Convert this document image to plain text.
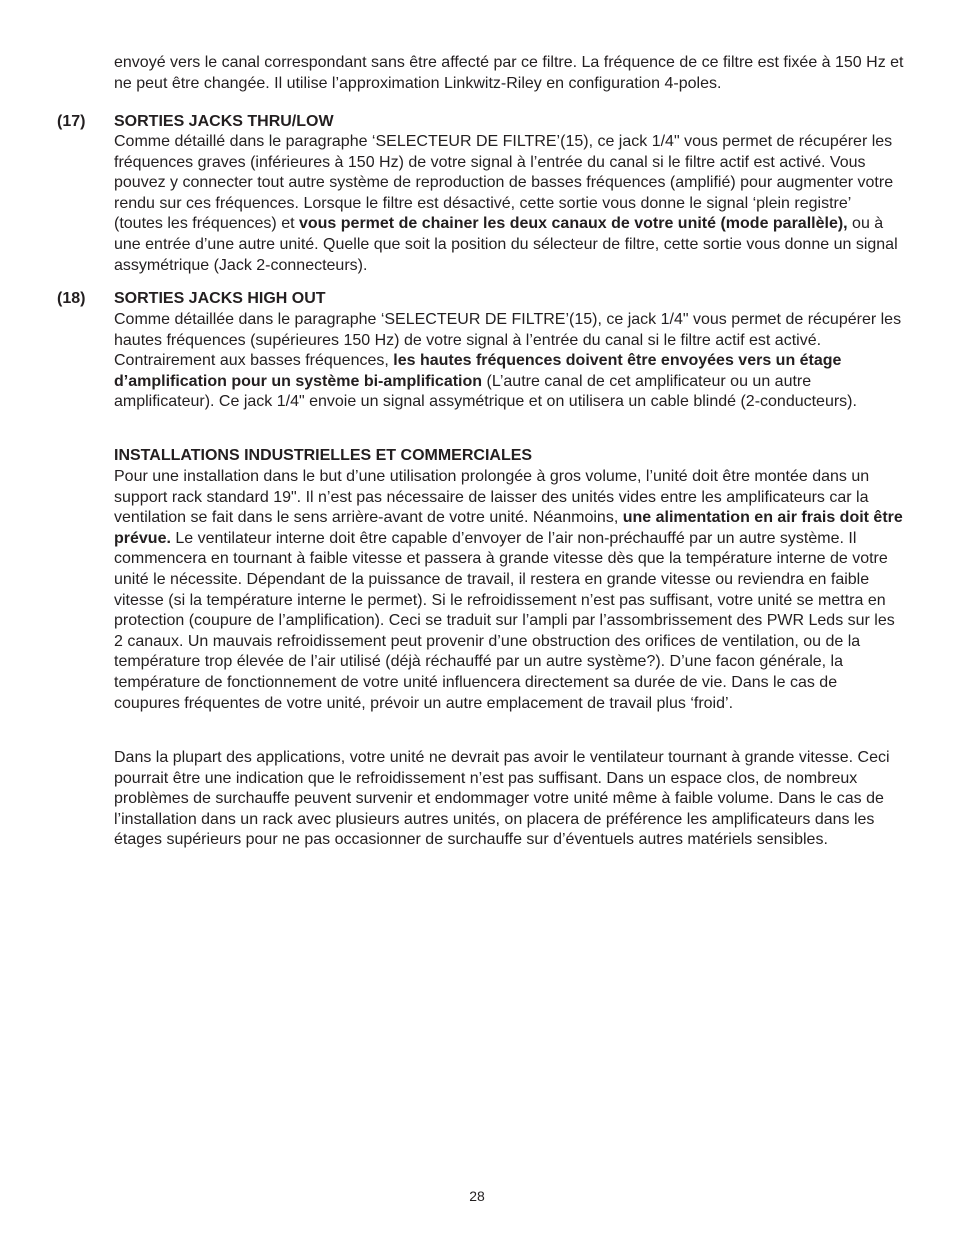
envoyé vers le canal correspondant sans être affecté par ce filtre. La fréquence de ce filtre est fixée à 150 Hz et ne peut être changée. Il utilise l’approximation Linkwitz-Riley en configuration 4-poles.

(17) SORTIES JACKS THRU/LOW

Comme détaillé dans le paragraphe ‘SELECTEUR DE FILTRE’(15), ce jack 1/4" vous permet de récupérer les fréquences graves (inférieures à 150 Hz) de votre signal à l’entrée du canal si le filtre actif est activé. Vous pouvez y connecter tout autre système de reproduction de basses fréquences (amplifié) pour augmenter votre rendu sur ces fréquences. Lorsque le filtre est désactivé, cette sortie vous donne le signal ‘plein registre’ (toutes les fréquences) et vous permet de chainer les deux canaux de votre unité (mode parallèle), ou à une entrée d’une autre unité. Quelle que soit la position du sélecteur de filtre, cette sortie vous donne un signal assymétrique (Jack 2-connecteurs).

(18) SORTIES JACKS HIGH OUT

Comme détaillée dans le paragraphe ‘SELECTEUR DE FILTRE’(15), ce jack 1/4" vous permet de récupérer les hautes fréquences (supérieures 150 Hz) de votre signal à l’entrée du canal si le filtre actif est activé. Contrairement aux basses fréquences, les hautes fréquences doivent être envoyées vers un étage d’amplification pour un système bi-amplification (L’autre canal de cet amplificateur ou un autre amplificateur). Ce jack 1/4" envoie un signal assymétrique et on utilisera un cable blindé (2-conducteurs).

INSTALLATIONS INDUSTRIELLES ET COMMERCIALES

Pour une installation dans le but d’une utilisation prolongée à gros volume, l’unité doit être montée dans un support rack standard 19". Il n’est pas nécessaire de laisser des unités vides entre les amplificateurs car la ventilation se fait dans le sens arrière-avant de votre unité. Néanmoins, une alimentation en air frais doit être prévue. Le ventilateur interne doit être capable d’envoyer de l’air non-préchauffé par un autre système. Il commencera en tournant à faible vitesse et passera à grande vitesse dès que la température interne de votre unité le nécessite. Dépendant de la puissance de travail, il restera en grande vitesse ou reviendra en faible vitesse (si la température interne le permet). Si le refroidissement n’est pas suffisant, votre unité se mettra en protection (coupure de l’amplification). Ceci se traduit sur l’ampli par l’assombrissement des PWR Leds sur les 2 canaux. Un mauvais refroidissement peut provenir d’une obstruction des orifices de ventilation, ou de la température trop élevée de l’air utilisé (déjà réchauffé par un autre système?). D’une facon générale, la température de fonctionnement de votre unité influencera directement sa durée de vie. Dans le cas de coupures fréquentes de votre unité, prévoir un autre emplacement de travail plus ‘froid’.

Dans la plupart des applications, votre unité ne devrait pas avoir le ventilateur tournant à grande vitesse. Ceci pourrait être une indication que le refroidissement n’est pas suffisant. Dans un espace clos, de nombreux problèmes de surchauffe peuvent survenir et endommager votre unité même à faible volume. Dans le cas de l’installation dans un rack avec plusieurs autres unités, on placera de préférence les amplificateurs dans les étages supérieurs pour ne pas occasionner de surchauffe sur d’éventuels autres matériels sensibles.

28
